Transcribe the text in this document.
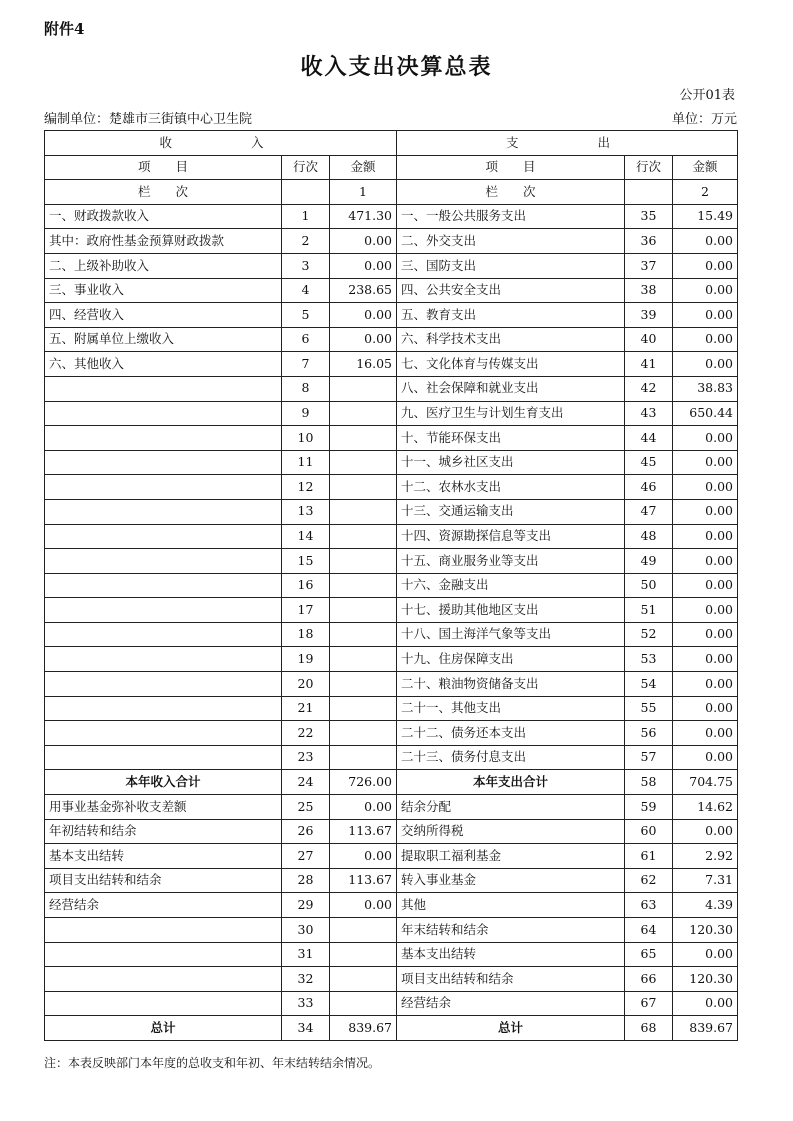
附件4
收入支出决算总表
公开01表
编制单位：楚雄市三街镇中心卫生院	单位：万元
收　　入			支　　出		
项　　目	行次	金额	项　　目	行次	金额
栏　　次		1	栏　　次		2
一、财政拨款收入	1	471.30	一、一般公共服务支出	35	15.49
其中：政府性基金预算财政拨款	2	0.00	二、外交支出	36	0.00
二、上级补助收入	3	0.00	三、国防支出	37	0.00
三、事业收入	4	238.65	四、公共安全支出	38	0.00
四、经营收入	5	0.00	五、教育支出	39	0.00
五、附属单位上缴收入	6	0.00	六、科学技术支出	40	0.00
六、其他收入	7	16.05	七、文化体育与传媒支出	41	0.00
	8		八、社会保障和就业支出	42	38.83
	9		九、医疗卫生与计划生育支出	43	650.44
	10		十、节能环保支出	44	0.00
	11		十一、城乡社区支出	45	0.00
	12		十二、农林水支出	46	0.00
	13		十三、交通运输支出	47	0.00
	14		十四、资源勘探信息等支出	48	0.00
	15		十五、商业服务业等支出	49	0.00
	16		十六、金融支出	50	0.00
	17		十七、援助其他地区支出	51	0.00
	18		十八、国土海洋气象等支出	52	0.00
	19		十九、住房保障支出	53	0.00
	20		二十、粮油物资储备支出	54	0.00
	21		二十一、其他支出	55	0.00
	22		二十二、债务还本支出	56	0.00
	23		二十三、债务付息支出	57	0.00
本年收入合计	24	726.00	本年支出合计	58	704.75
用事业基金弥补收支差额	25	0.00	结余分配	59	14.62
年初结转和结余	26	113.67	交纳所得税	60	0.00
基本支出结转	27	0.00	提取职工福利基金	61	2.92
项目支出结转和结余	28	113.67	转入事业基金	62	7.31
经营结余	29	0.00	其他	63	4.39
	30		年末结转和结余	64	120.30
	31		基本支出结转	65	0.00
	32		项目支出结转和结余	66	120.30
	33		经营结余	67	0.00
总计	34	839.67	总计	68	839.67
注：本表反映部门本年度的总收支和年初、年末结转结余情况。
